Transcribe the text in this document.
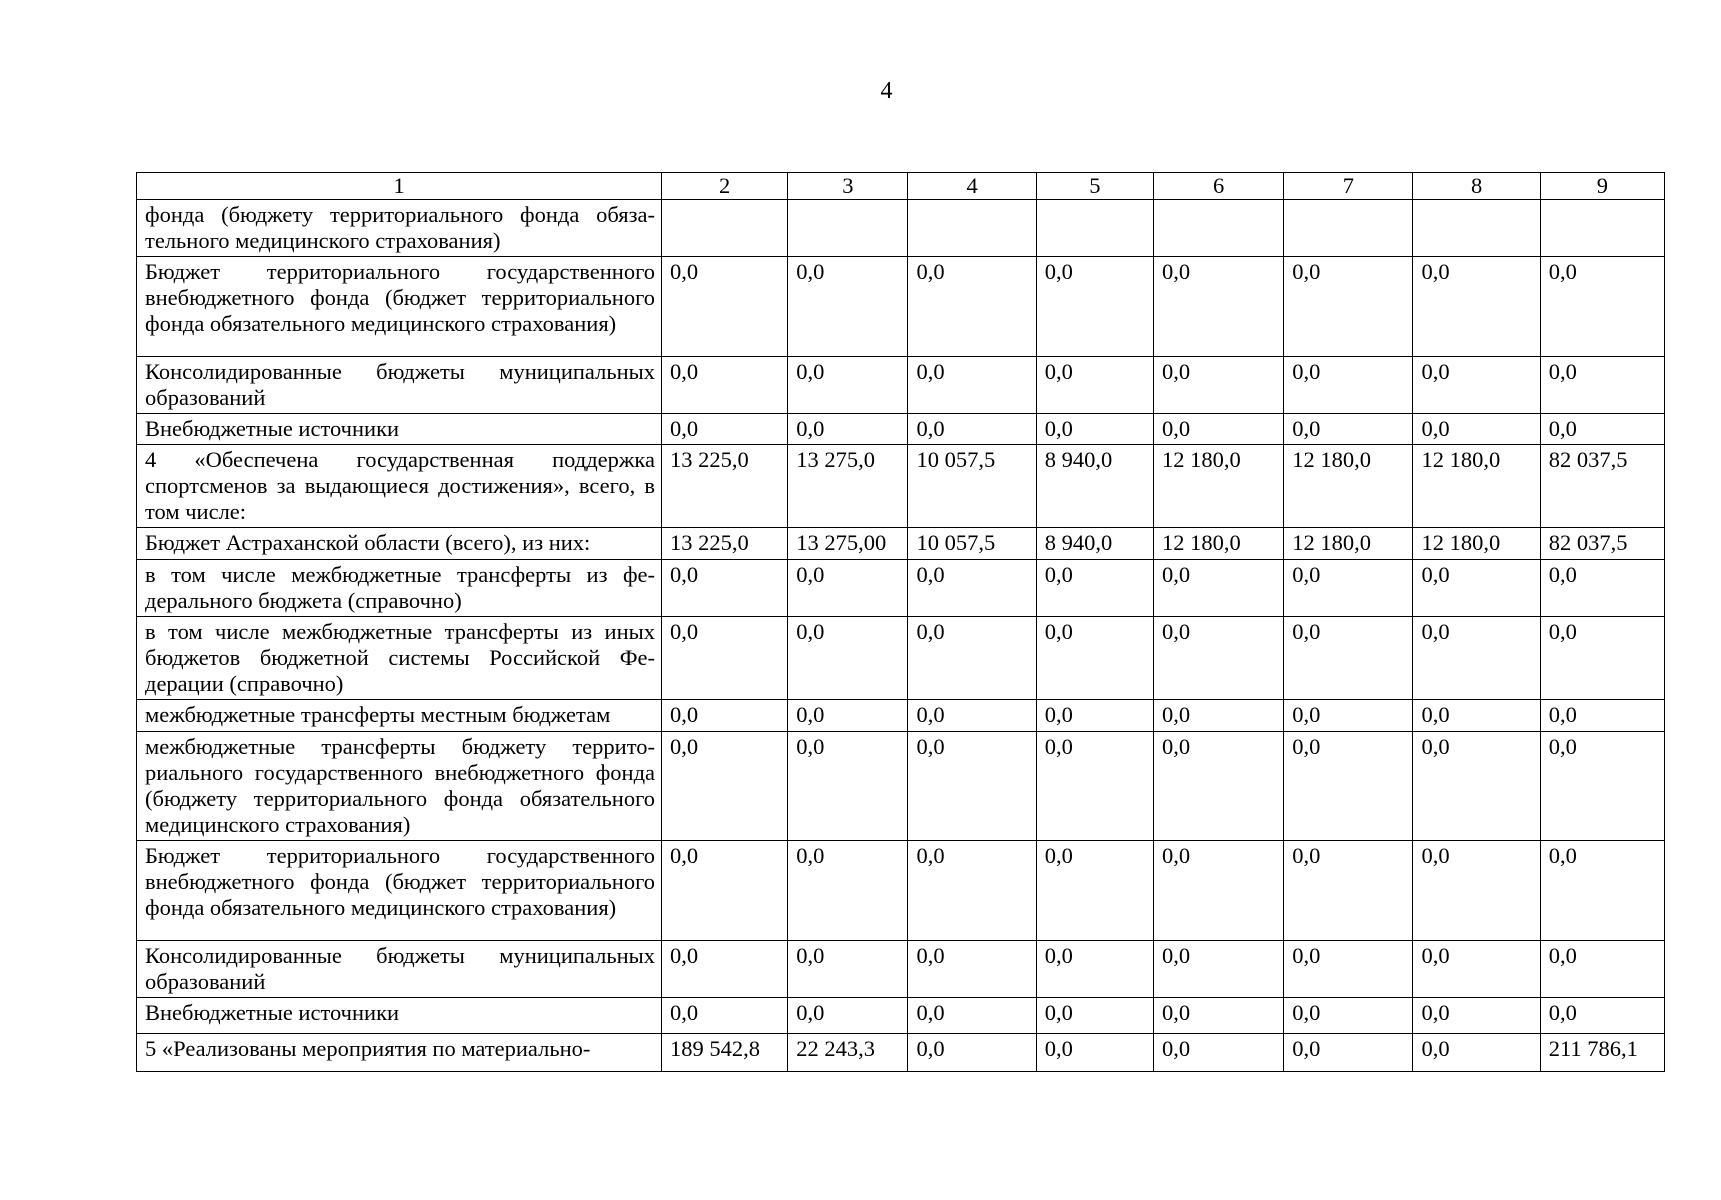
4
1	2	3	4	5	6	7	8	9
фонда (бюджету территориального фонда обязательного медицинского страхования)								
Бюджет территориального государственного внебюджетного фонда (бюджет территориального фонда обязательного медицинского страхования)	0,0	0,0	0,0	0,0	0,0	0,0	0,0	0,0
Консолидированные бюджеты муниципальных образований	0,0	0,0	0,0	0,0	0,0	0,0	0,0	0,0
Внебюджетные источники	0,0	0,0	0,0	0,0	0,0	0,0	0,0	0,0
4 «Обеспечена государственная поддержка спортсменов за выдающиеся достижения», всего, в том числе:	13 225,0	13 275,0	10 057,5	8 940,0	12 180,0	12 180,0	12 180,0	82 037,5
Бюджет Астраханской области (всего), из них:	13 225,0	13 275,00	10 057,5	8 940,0	12 180,0	12 180,0	12 180,0	82 037,5
в том числе межбюджетные трансферты из федерального бюджета (справочно)	0,0	0,0	0,0	0,0	0,0	0,0	0,0	0,0
в том числе межбюджетные трансферты из иных бюджетов бюджетной системы Российской Федерации (справочно)	0,0	0,0	0,0	0,0	0,0	0,0	0,0	0,0
межбюджетные трансферты местным бюджетам	0,0	0,0	0,0	0,0	0,0	0,0	0,0	0,0
межбюджетные трансферты бюджету территориального государственного внебюджетного фонда (бюджету территориального фонда обязательного медицинского страхования)	0,0	0,0	0,0	0,0	0,0	0,0	0,0	0,0
Бюджет территориального государственного внебюджетного фонда (бюджет территориального фонда обязательного медицинского страхования)	0,0	0,0	0,0	0,0	0,0	0,0	0,0	0,0
Консолидированные бюджеты муниципальных образований	0,0	0,0	0,0	0,0	0,0	0,0	0,0	0,0
Внебюджетные источники	0,0	0,0	0,0	0,0	0,0	0,0	0,0	0,0
5 «Реализованы мероприятия по материально-	189 542,8	22 243,3	0,0	0,0	0,0	0,0	0,0	211 786,1
